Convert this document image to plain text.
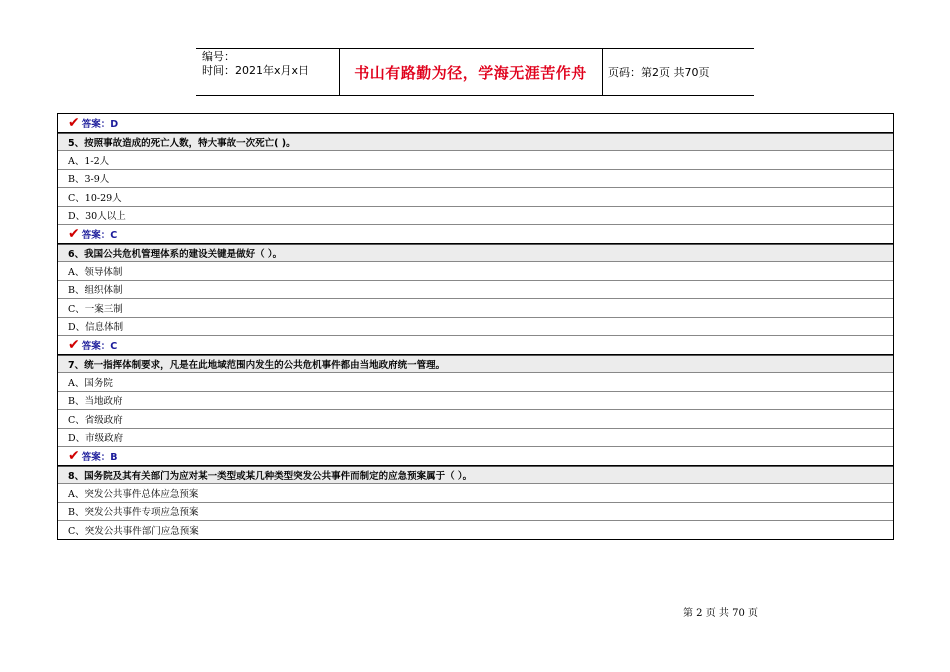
编号：
时间：2021年x月x日	书山有路勤为径，学海无涯苦作舟	页码：第2页 共70页
✔ 答案：D
5、按照事故造成的死亡人数，特大事故一次死亡( )。
A、1-2人
B、3-9人
C、10-29人
D、30人以上
✔ 答案：C
6、我国公共危机管理体系的建设关键是做好（ ）。
A、领导体制
B、组织体制
C、一案三制
D、信息体制
✔ 答案：C
7、统一指挥体制要求，凡是在此地域范围内发生的公共危机事件都由当地政府统一管理。
A、国务院
B、当地政府
C、省级政府
D、市级政府
✔ 答案：B
8、国务院及其有关部门为应对某一类型或某几种类型突发公共事件而制定的应急预案属于（ ）。
A、突发公共事件总体应急预案
B、突发公共事件专项应急预案
C、突发公共事件部门应急预案
第 2 页 共 70 页
